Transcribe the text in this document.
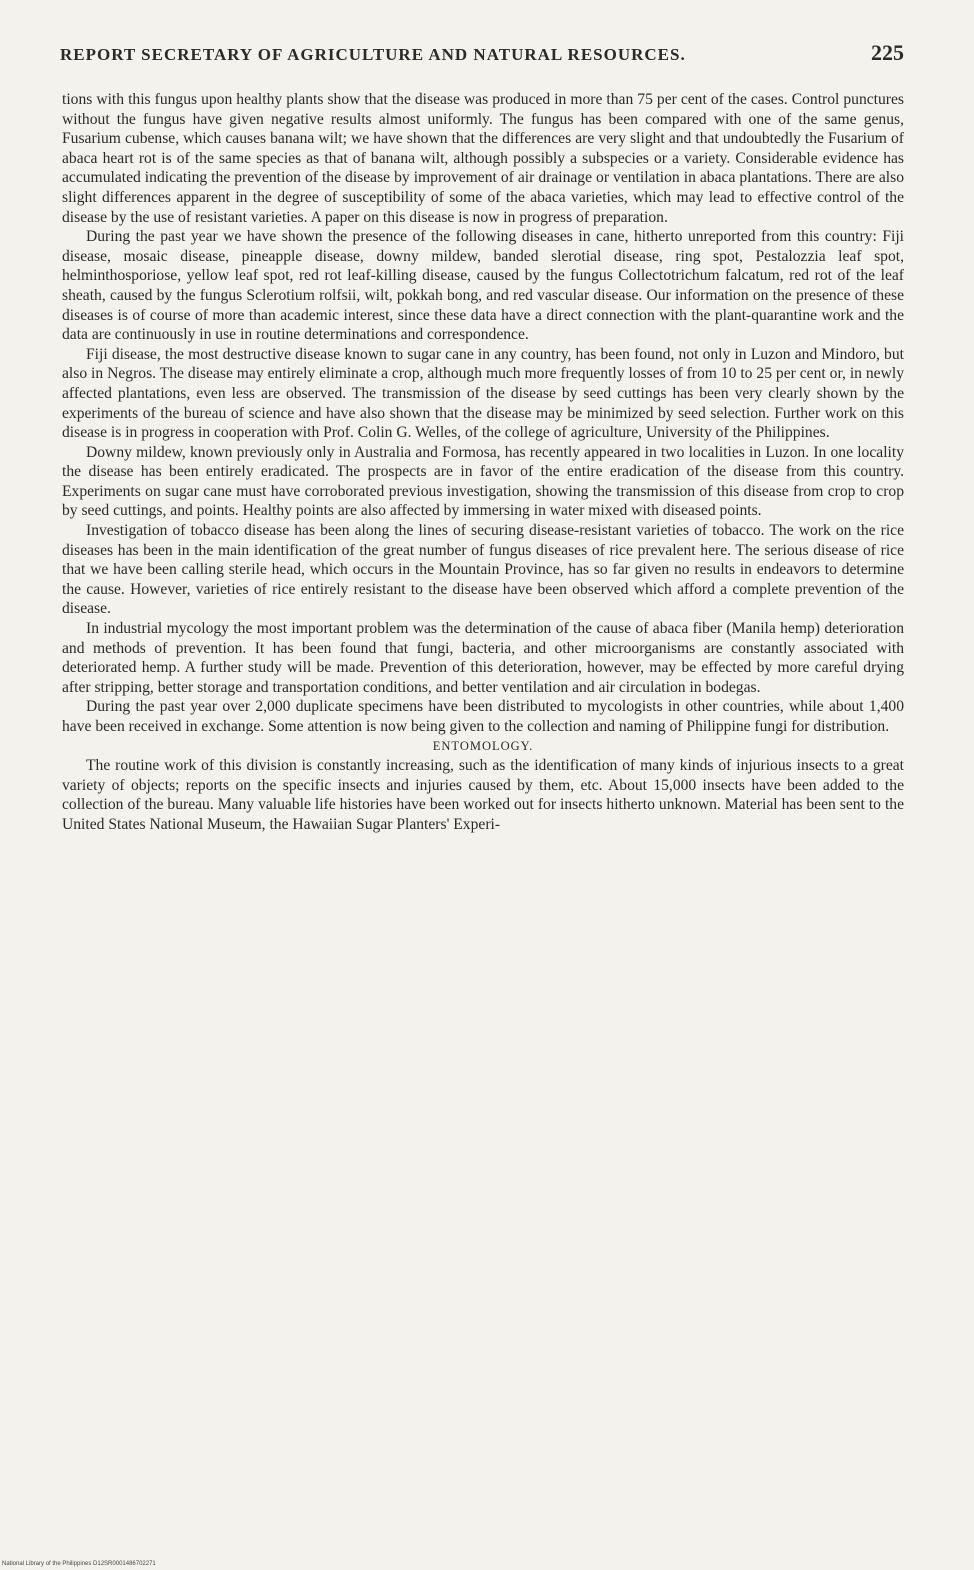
REPORT SECRETARY OF AGRICULTURE AND NATURAL RESOURCES.	225

tions with this fungus upon healthy plants show that the disease was produced in more than 75 per cent of the cases. Control punctures without the fungus have given negative results almost uniformly. The fungus has been compared with one of the same genus, Fusarium cubense, which causes banana wilt; we have shown that the differences are very slight and that undoubtedly the Fusarium of abaca heart rot is of the same species as that of banana wilt, although possibly a subspecies or a variety. Considerable evidence has accumulated indicating the prevention of the disease by improvement of air drainage or ventilation in abaca plantations. There are also slight differences apparent in the degree of susceptibility of some of the abaca varieties, which may lead to effective control of the disease by the use of resistant varieties. A paper on this disease is now in progress of preparation.

During the past year we have shown the presence of the following diseases in cane, hitherto unreported from this country: Fiji disease, mosaic disease, pineapple disease, downy mildew, banded slerotial disease, ring spot, Pestalozzia leaf spot, helminthosporiose, yellow leaf spot, red rot leaf-killing disease, caused by the fungus Collectotrichum falcatum, red rot of the leaf sheath, caused by the fungus Sclerotium rolfsii, wilt, pokkah bong, and red vascular disease. Our information on the presence of these diseases is of course of more than academic interest, since these data have a direct connection with the plant-quarantine work and the data are continuously in use in routine determinations and correspondence.

Fiji disease, the most destructive disease known to sugar cane in any country, has been found, not only in Luzon and Mindoro, but also in Negros. The disease may entirely eliminate a crop, although much more frequently losses of from 10 to 25 per cent or, in newly affected plantations, even less are observed. The transmission of the disease by seed cuttings has been very clearly shown by the experiments of the bureau of science and have also shown that the disease may be minimized by seed selection. Further work on this disease is in progress in cooperation with Prof. Colin G. Welles, of the college of agriculture, University of the Philippines.

Downy mildew, known previously only in Australia and Formosa, has recently appeared in two localities in Luzon. In one locality the disease has been entirely eradicated. The prospects are in favor of the entire eradication of the disease from this country. Experiments on sugar cane must have corroborated previous investigation, showing the transmission of this disease from crop to crop by seed cuttings, and points. Healthy points are also affected by immersing in water mixed with diseased points.

Investigation of tobacco disease has been along the lines of securing disease-resistant varieties of tobacco. The work on the rice diseases has been in the main identification of the great number of fungus diseases of rice prevalent here. The serious disease of rice that we have been calling sterile head, which occurs in the Mountain Province, has so far given no results in endeavors to determine the cause. However, varieties of rice entirely resistant to the disease have been observed which afford a complete prevention of the disease.

In industrial mycology the most important problem was the determination of the cause of abaca fiber (Manila hemp) deterioration and methods of prevention. It has been found that fungi, bacteria, and other microorganisms are constantly associated with deteriorated hemp. A further study will be made. Prevention of this deterioration, however, may be effected by more careful drying after stripping, better storage and transportation conditions, and better ventilation and air circulation in bodegas.

During the past year over 2,000 duplicate specimens have been distributed to mycologists in other countries, while about 1,400 have been received in exchange. Some attention is now being given to the collection and naming of Philippine fungi for distribution.

ENTOMOLOGY.

The routine work of this division is constantly increasing, such as the identification of many kinds of injurious insects to a great variety of objects; reports on the specific insects and injuries caused by them, etc. About 15,000 insects have been added to the collection of the bureau. Many valuable life histories have been worked out for insects hitherto unknown. Material has been sent to the United States National Museum, the Hawaiian Sugar Planters' Experi-

National Library of the Philippines D12SR0001486702271
